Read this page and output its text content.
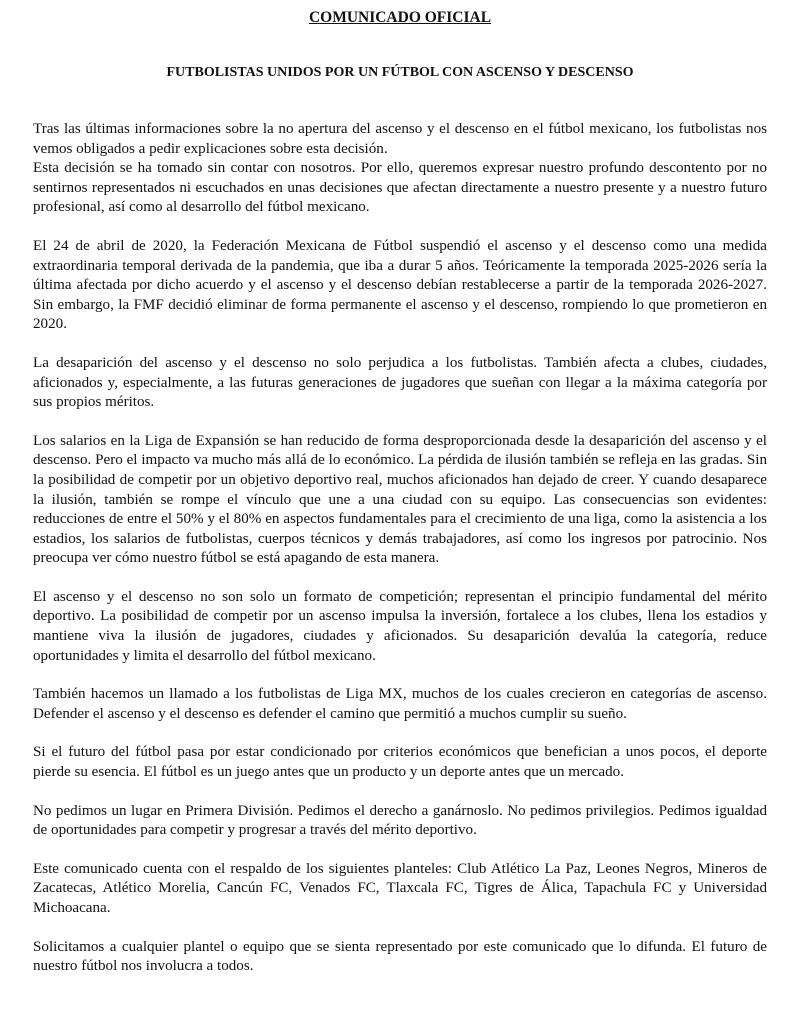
COMUNICADO OFICIAL

FUTBOLISTAS UNIDOS POR UN FÚTBOL CON ASCENSO Y DESCENSO

Tras las últimas informaciones sobre la no apertura del ascenso y el descenso en el fútbol mexicano, los futbolistas nos vemos obligados a pedir explicaciones sobre esta decisión.

Esta decisión se ha tomado sin contar con nosotros. Por ello, queremos expresar nuestro profundo descontento por no sentirnos representados ni escuchados en unas decisiones que afectan directamente a nuestro presente y a nuestro futuro profesional, así como al desarrollo del fútbol mexicano.

El 24 de abril de 2020, la Federación Mexicana de Fútbol suspendió el ascenso y el descenso como una medida extraordinaria temporal derivada de la pandemia, que iba a durar 5 años. Teóricamente la temporada 2025-2026 sería la última afectada por dicho acuerdo y el ascenso y el descenso debían restablecerse a partir de la temporada 2026-2027. Sin embargo, la FMF decidió eliminar de forma permanente el ascenso y el descenso, rompiendo lo que prometieron en 2020.

La desaparición del ascenso y el descenso no solo perjudica a los futbolistas. También afecta a clubes, ciudades, aficionados y, especialmente, a las futuras generaciones de jugadores que sueñan con llegar a la máxima categoría por sus propios méritos.

Los salarios en la Liga de Expansión se han reducido de forma desproporcionada desde la desaparición del ascenso y el descenso. Pero el impacto va mucho más allá de lo económico. La pérdida de ilusión también se refleja en las gradas. Sin la posibilidad de competir por un objetivo deportivo real, muchos aficionados han dejado de creer. Y cuando desaparece la ilusión, también se rompe el vínculo que une a una ciudad con su equipo. Las consecuencias son evidentes: reducciones de entre el 50% y el 80% en aspectos fundamentales para el crecimiento de una liga, como la asistencia a los estadios, los salarios de futbolistas, cuerpos técnicos y demás trabajadores, así como los ingresos por patrocinio. Nos preocupa ver cómo nuestro fútbol se está apagando de esta manera.

El ascenso y el descenso no son solo un formato de competición; representan el principio fundamental del mérito deportivo. La posibilidad de competir por un ascenso impulsa la inversión, fortalece a los clubes, llena los estadios y mantiene viva la ilusión de jugadores, ciudades y aficionados. Su desaparición devalúa la categoría, reduce oportunidades y limita el desarrollo del fútbol mexicano.

También hacemos un llamado a los futbolistas de Liga MX, muchos de los cuales crecieron en categorías de ascenso. Defender el ascenso y el descenso es defender el camino que permitió a muchos cumplir su sueño.

Si el futuro del fútbol pasa por estar condicionado por criterios económicos que benefician a unos pocos, el deporte pierde su esencia. El fútbol es un juego antes que un producto y un deporte antes que un mercado.

No pedimos un lugar en Primera División. Pedimos el derecho a ganárnoslo. No pedimos privilegios. Pedimos igualdad de oportunidades para competir y progresar a través del mérito deportivo.

Este comunicado cuenta con el respaldo de los siguientes planteles: Club Atlético La Paz, Leones Negros, Mineros de Zacatecas, Atlético Morelia, Cancún FC, Venados FC, Tlaxcala FC, Tigres de Álica, Tapachula FC y Universidad Michoacana.

Solicitamos a cualquier plantel o equipo que se sienta representado por este comunicado que lo difunda. El futuro de nuestro fútbol nos involucra a todos.
